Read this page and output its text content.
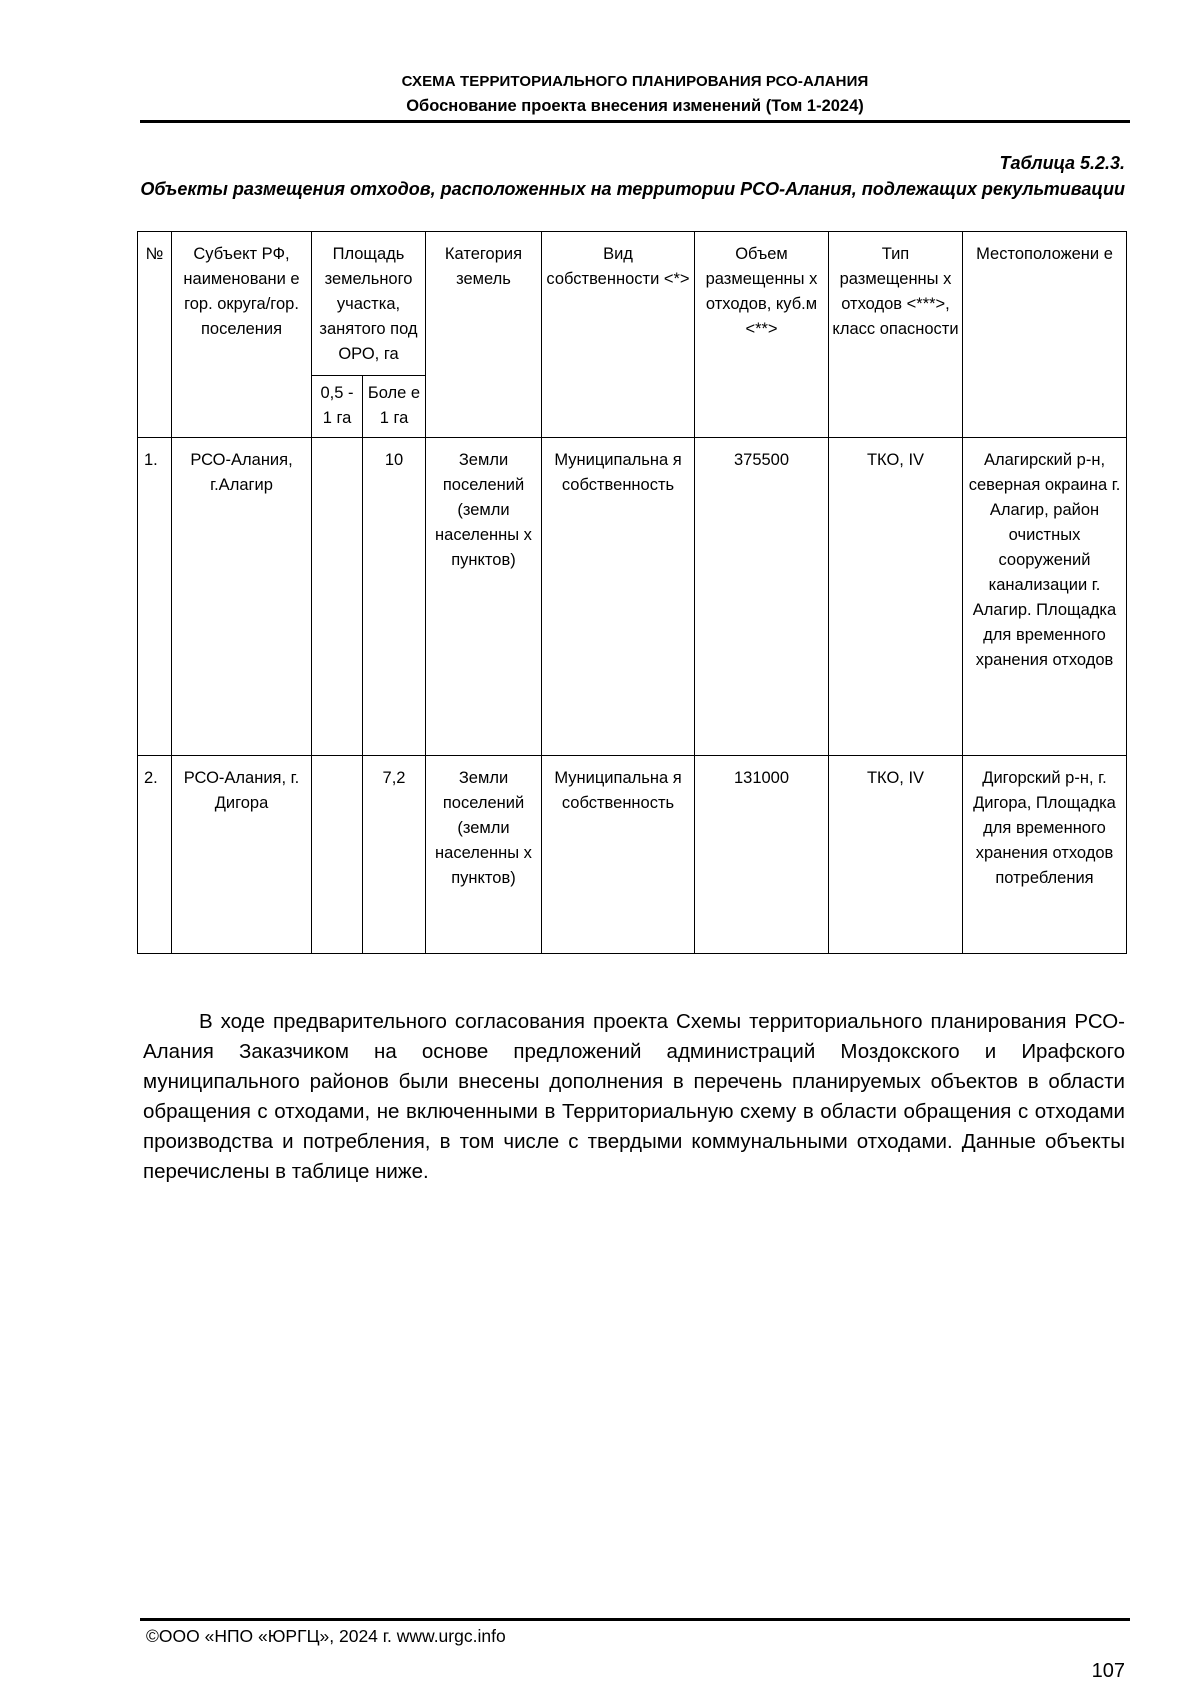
СХЕМА ТЕРРИТОРИАЛЬНОГО ПЛАНИРОВАНИЯ РСО-АЛАНИЯ
Обоснование проекта внесения изменений (Том 1-2024)
Таблица 5.2.3.
Объекты размещения отходов, расположенных на территории РСО-Алания, подлежащих рекультивации
№	Субъект РФ, наименовани е гор. округа/гор. поселения	Площадь земельного участка, занятого под ОРО, га		Категория земель	Вид собственности <*>	Объем размещенны х отходов, куб.м <**>	Тип размещенны х отходов <***>, класс опасности	Местоположени е
		0,5 - 1 га	Боле е 1 га					
1.	РСО-Алания, г.Алагир		10	Земли поселений (земли населенны х пунктов)	Муниципальна я собственность	375500	ТКО, IV	Алагирский р-н, северная окраина г. Алагир, район очистных сооружений канализации г. Алагир. Площадка для временного хранения отходов
2.	РСО-Алания, г. Дигора		7,2	Земли поселений (земли населенны х пунктов)	Муниципальна я собственность	131000	ТКО, IV	Дигорский р-н, г. Дигора, Площадка для временного хранения отходов потребления
В ходе предварительного согласования проекта Схемы территориального планирования РСО-Алания Заказчиком на основе предложений администраций Моздокского и Ирафского муниципального районов были внесены дополнения в перечень планируемых объектов в области обращения с отходами, не включенными в Территориальную схему в области обращения с отходами производства и потребления, в том числе с твердыми коммунальными отходами. Данные объекты перечислены в таблице ниже.
©ООО «НПО «ЮРГЦ», 2024 г. www.urgc.info
107
